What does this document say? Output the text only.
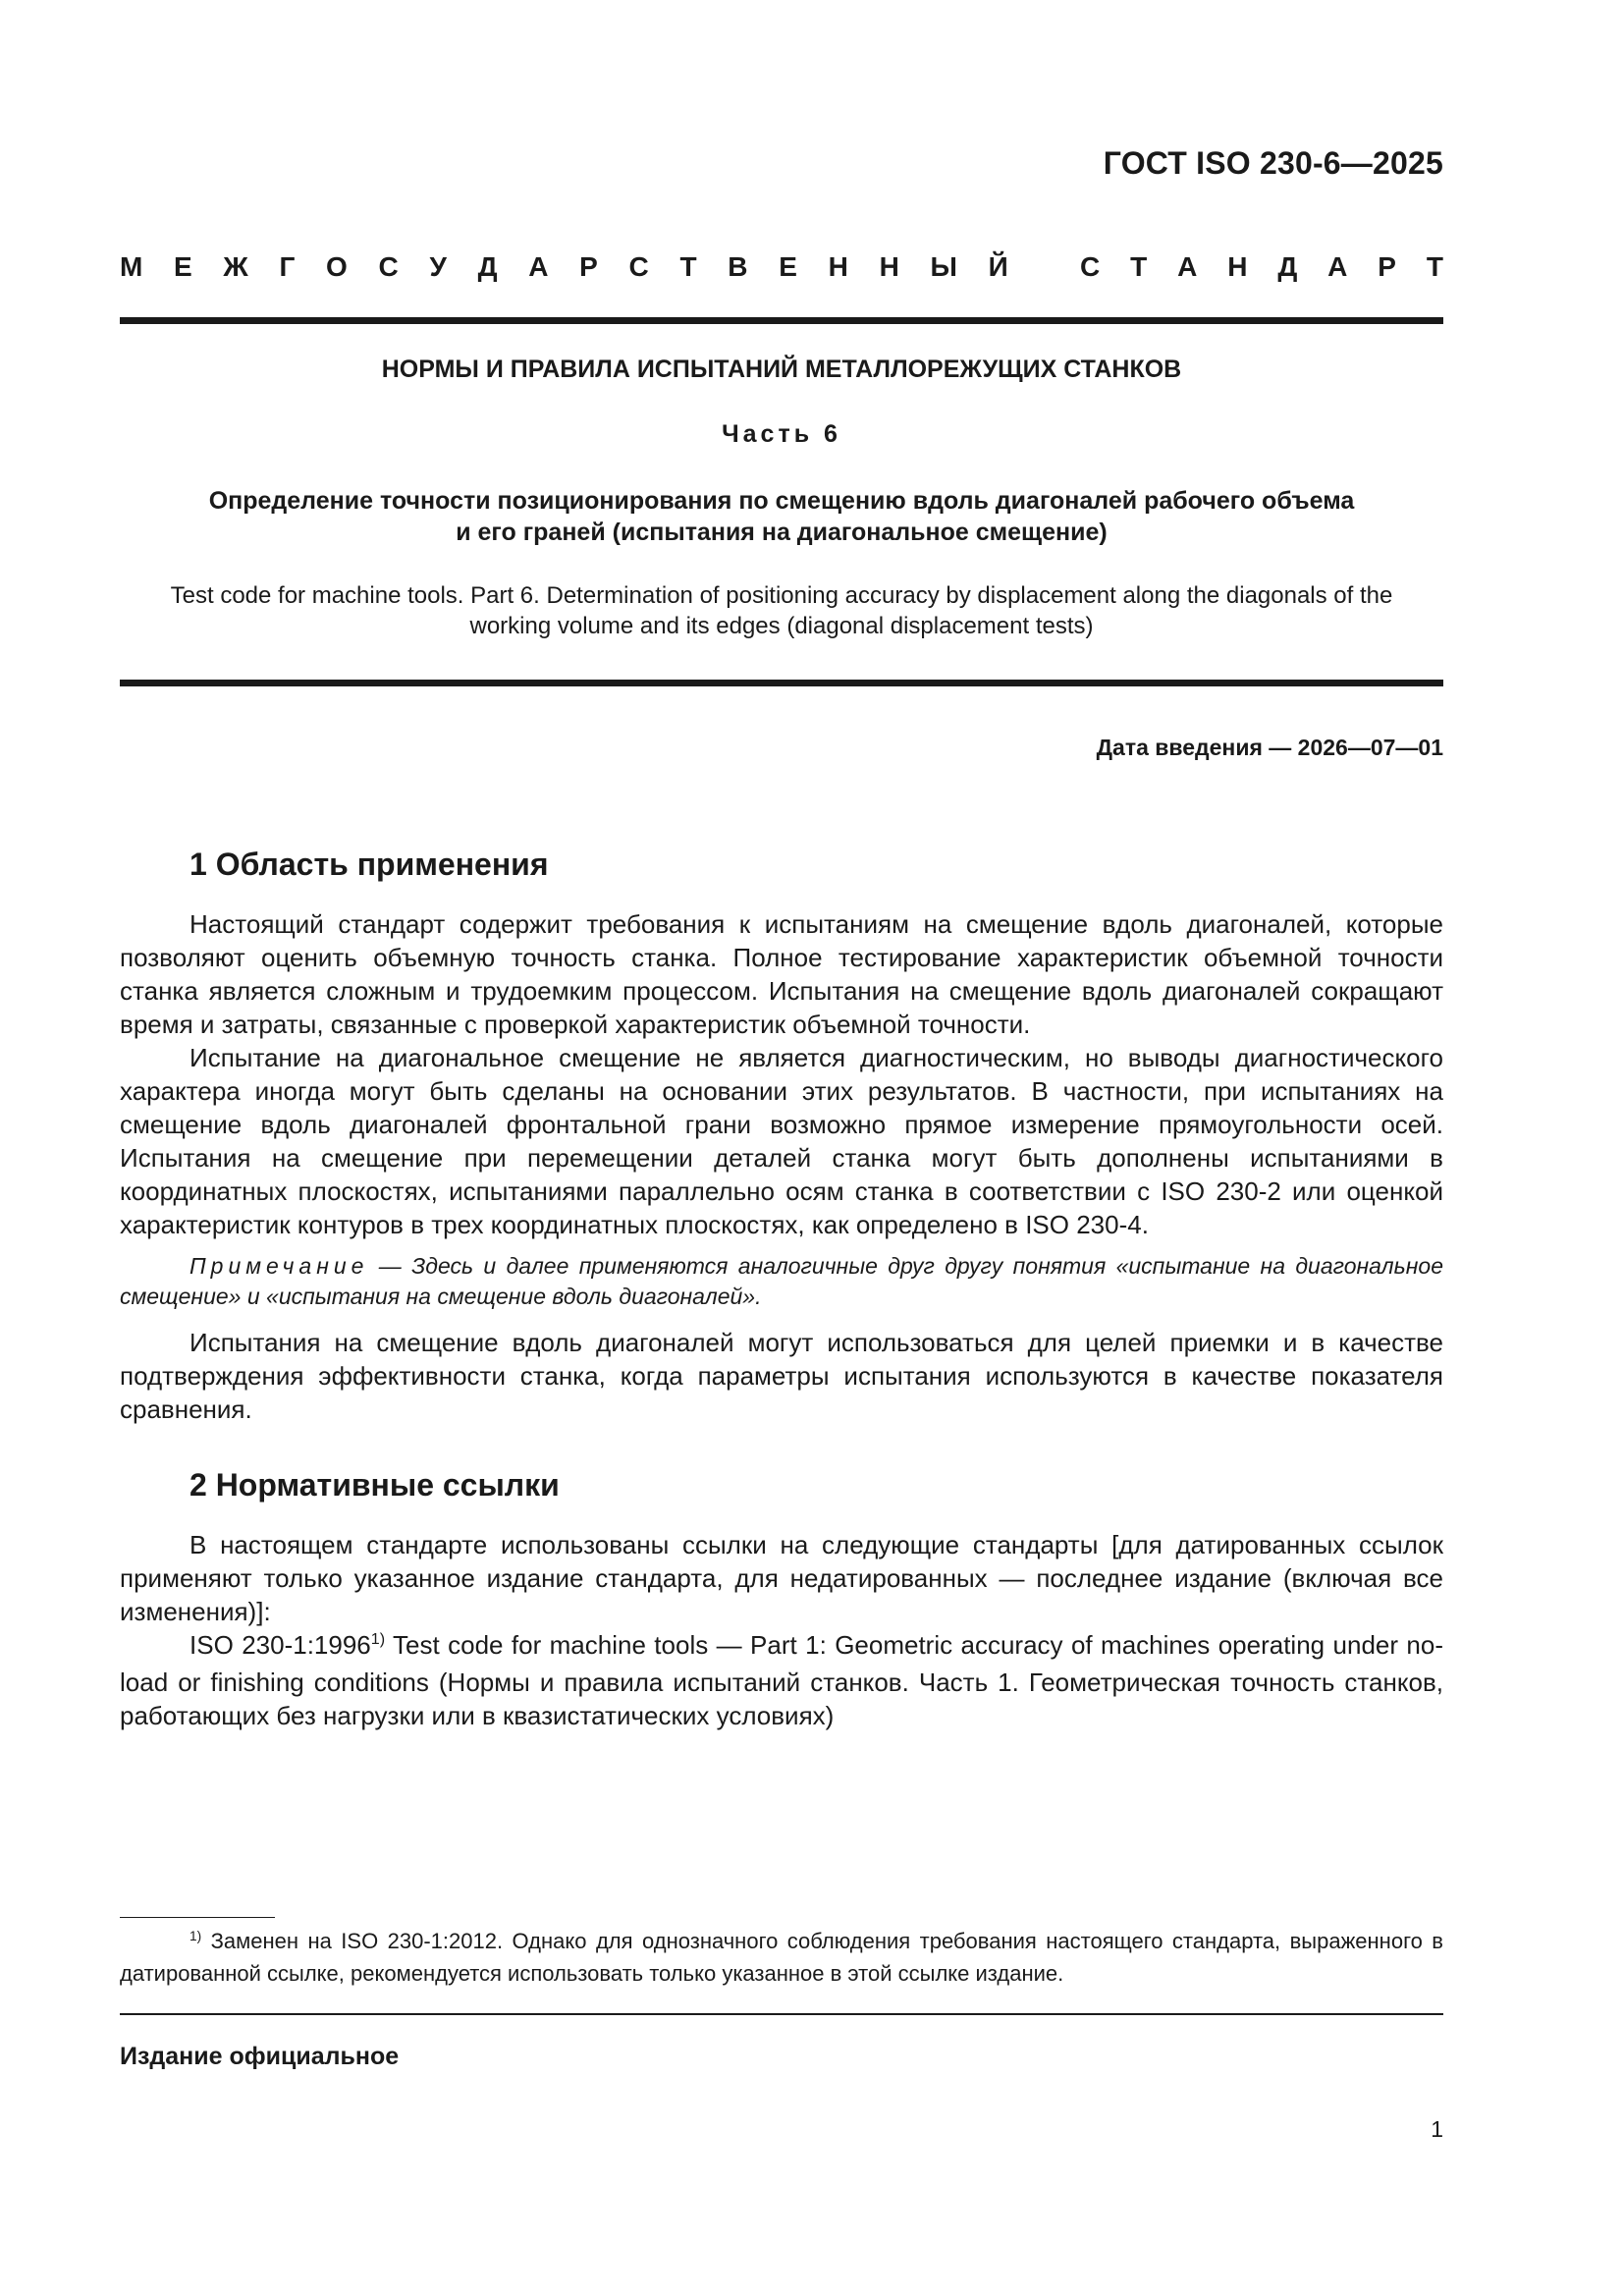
ГОСТ ISO 230-6—2025
М Е Ж Г О С У Д А Р С Т В Е Н Н Ы Й	С Т А Н Д А Р Т
НОРМЫ И ПРАВИЛА ИСПЫТАНИЙ МЕТАЛЛОРЕЖУЩИХ СТАНКОВ
Часть 6
Определение точности позиционирования по смещению вдоль диагоналей рабочего объема
и его граней (испытания на диагональное смещение)
Test code for machine tools. Part 6. Determination of positioning accuracy by displacement along the diagonals of the
working volume and its edges (diagonal displacement tests)
Дата введения — 2026—07—01
1 Область применения

Настоящий стандарт содержит требования к испытаниям на смещение вдоль диагоналей, которые позволяют оценить объемную точность станка. Полное тестирование характеристик объемной точности станка является сложным и трудоемким процессом. Испытания на смещение вдоль диагоналей сокращают время и затраты, связанные с проверкой характеристик объемной точности.

Испытание на диагональное смещение не является диагностическим, но выводы диагностического характера иногда могут быть сделаны на основании этих результатов. В частности, при испытаниях на смещение вдоль диагоналей фронтальной грани возможно прямое измерение прямоугольности осей. Испытания на смещение при перемещении деталей станка могут быть дополнены испытаниями в координатных плоскостях, испытаниями параллельно осям станка в соответствии с ISO 230-2 или оценкой характеристик контуров в трех координатных плоскостях, как определено в ISO 230-4.

Примечание — Здесь и далее применяются аналогичные друг другу понятия «испытание на диагональное смещение» и «испытания на смещение вдоль диагоналей».

Испытания на смещение вдоль диагоналей могут использоваться для целей приемки и в качестве подтверждения эффективности станка, когда параметры испытания используются в качестве показателя сравнения.

2 Нормативные ссылки

В настоящем стандарте использованы ссылки на следующие стандарты [для датированных ссылок применяют только указанное издание стандарта, для недатированных — последнее издание (включая все изменения)]:

ISO 230-1:1996$^{1)}$ Test code for machine tools — Part 1: Geometric accuracy of machines operating under no-load or finishing conditions (Нормы и правила испытаний станков. Часть 1. Геометрическая точность станков, работающих без нагрузки или в квазистатических условиях)

$^{1)}$ Заменен на ISO 230-1:2012. Однако для однозначного соблюдения требования настоящего стандарта, выраженного в датированной ссылке, рекомендуется использовать только указанное в этой ссылке издание.
Издание официальное
1
